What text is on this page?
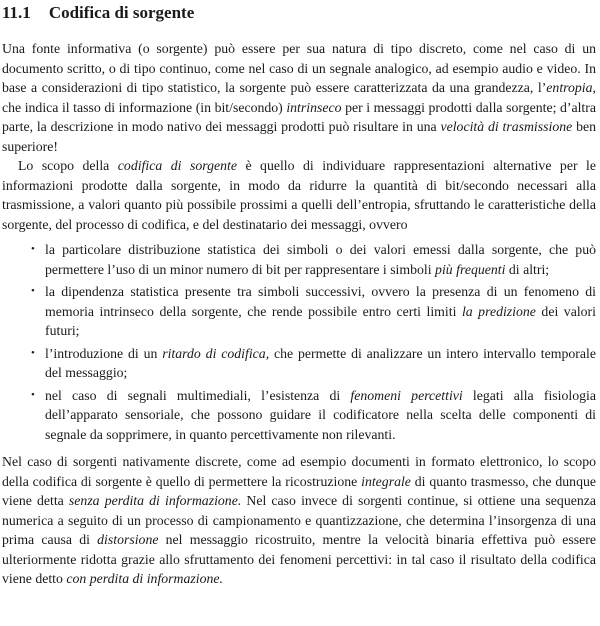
11.1 Codifica di sorgente

Una fonte informativa (o sorgente) può essere per sua natura di tipo discreto, come nel caso di un documento scritto, o di tipo continuo, come nel caso di un segnale analogico, ad esempio audio e video. In base a considerazioni di tipo statistico, la sorgente può essere caratterizzata da una grandezza, l’entropia, che indica il tasso di informazione (in bit/secondo) intrinseco per i messaggi prodotti dalla sorgente; d’altra parte, la descrizione in modo nativo dei messaggi prodotti può risultare in una velocità di trasmissione ben superiore!

Lo scopo della codifica di sorgente è quello di individuare rappresentazioni alternative per le informazioni prodotte dalla sorgente, in modo da ridurre la quantità di bit/secondo necessari alla trasmissione, a valori quanto più possibile prossimi a quelli dell’entropia, sfruttando le caratteristiche della sorgente, del processo di codifica, e del destinatario dei messaggi, ovvero

• la particolare distribuzione statistica dei simboli o dei valori emessi dalla sorgente, che può permettere l’uso di un minor numero di bit per rappresentare i simboli più frequenti di altri;
• la dipendenza statistica presente tra simboli successivi, ovvero la presenza di un fenomeno di memoria intrinseco della sorgente, che rende possibile entro certi limiti la predizione dei valori futuri;
• l’introduzione di un ritardo di codifica, che permette di analizzare un intero intervallo temporale del messaggio;
• nel caso di segnali multimediali, l’esistenza di fenomeni percettivi legati alla fisiologia dell’apparato sensoriale, che possono guidare il codificatore nella scelta delle componenti di segnale da sopprimere, in quanto percettivamente non rilevanti.

Nel caso di sorgenti nativamente discrete, come ad esempio documenti in formato elettronico, lo scopo della codifica di sorgente è quello di permettere la ricostruzione integrale di quanto trasmesso, che dunque viene detta senza perdita di informazione. Nel caso invece di sorgenti continue, si ottiene una sequenza numerica a seguito di un processo di campionamento e quantizzazione, che determina l’insorgenza di una prima causa di distorsione nel messaggio ricostruito, mentre la velocità binaria effettiva può essere ulteriormente ridotta grazie allo sfruttamento dei fenomeni percettivi: in tal caso il risultato della codifica viene detto con perdita di informazione.
